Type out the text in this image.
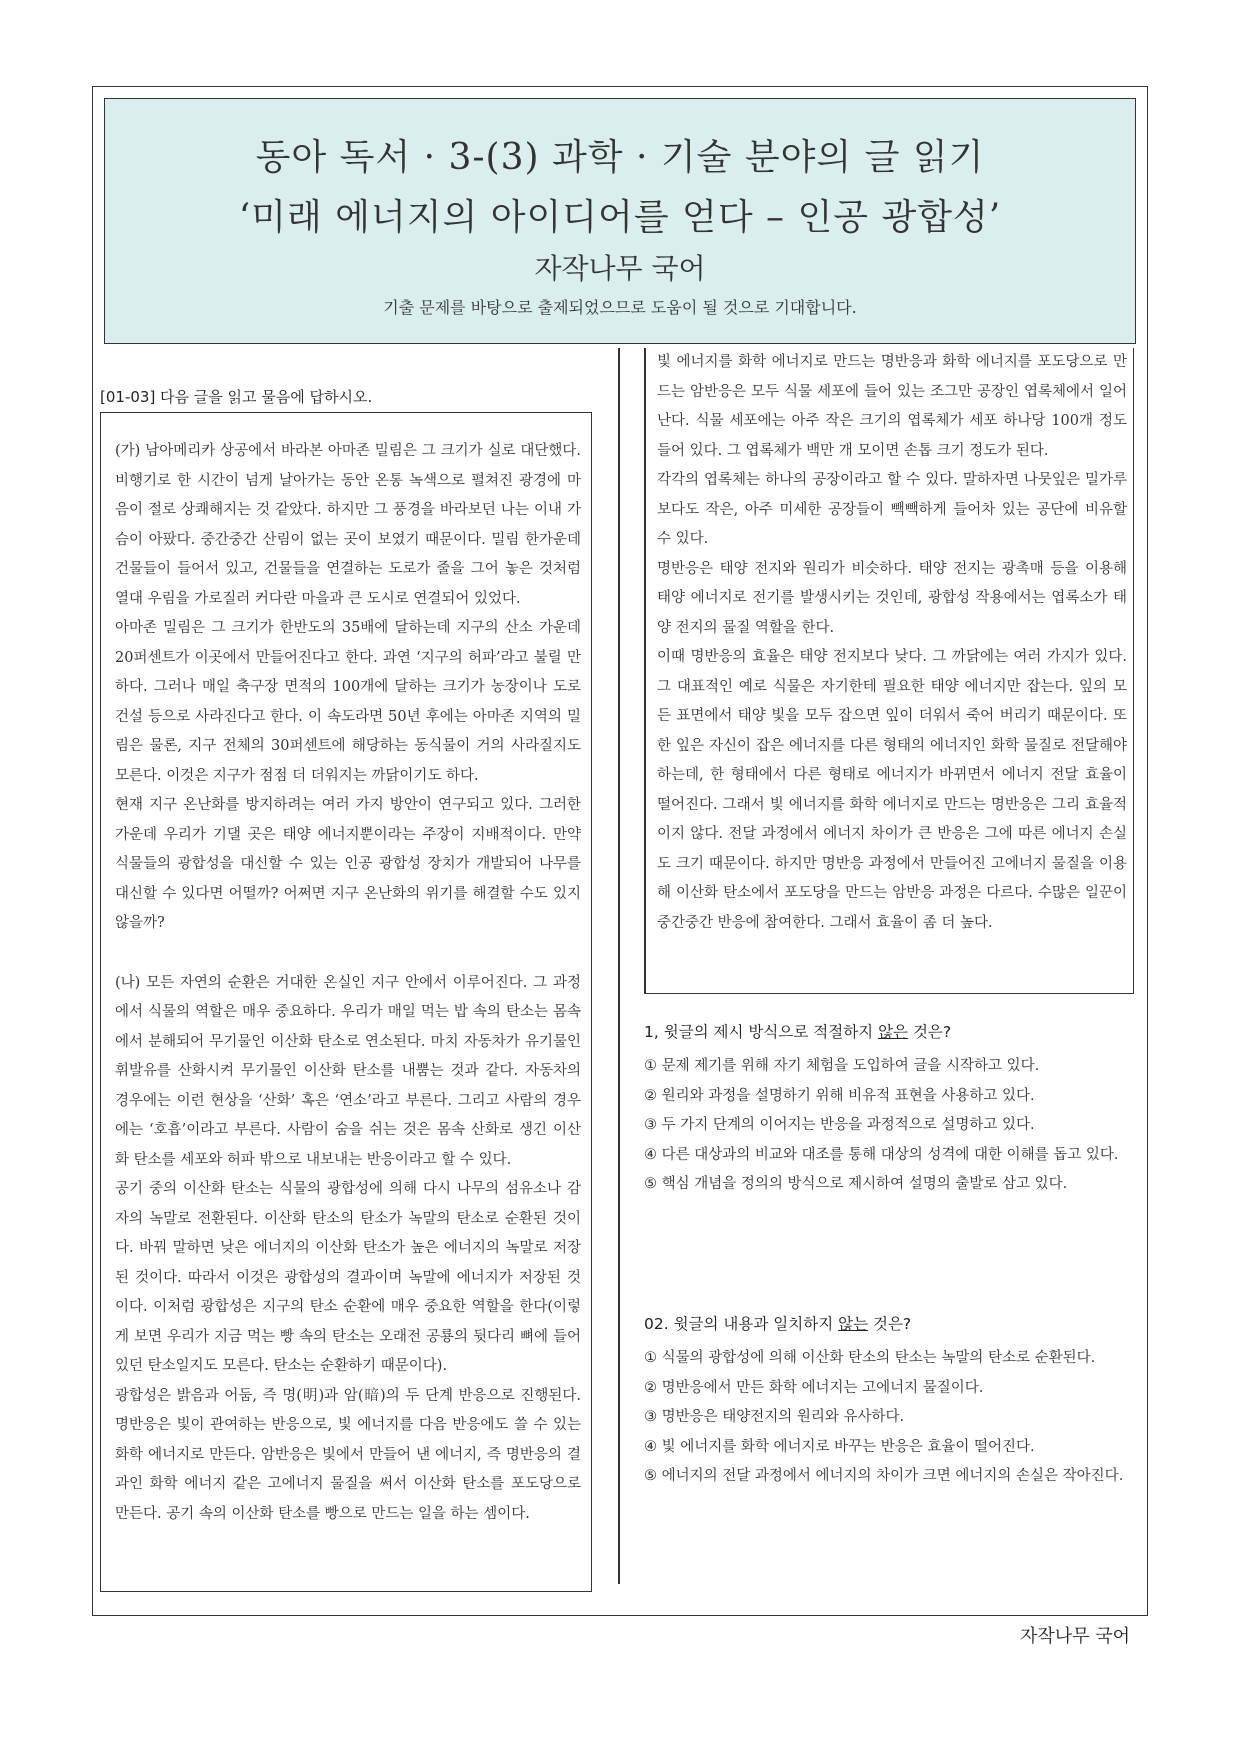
동아 독서 · 3-(3) 과학 · 기술 분야의 글 읽기
‘미래 에너지의 아이디어를 얻다 – 인공 광합성’
자작나무 국어
기출 문제를 바탕으로 출제되었으므로 도움이 될 것으로 기대합니다.
[01-03] 다음 글을 읽고 물음에 답하시오.

(가) 남아메리카 상공에서 바라본 아마존 밀림은 그 크기가 실로 대단했다. 비행기로 한 시간이 넘게 날아가는 동안 온통 녹색으로 펼쳐진 광경에 마음이 절로 상쾌해지는 것 같았다. 하지만 그 풍경을 바라보던 나는 이내 가슴이 아팠다. 중간중간 산림이 없는 곳이 보였기 때문이다. 밀림 한가운데 건물들이 들어서 있고, 건물들을 연결하는 도로가 줄을 그어 놓은 것처럼 열대 우림을 가로질러 커다란 마을과 큰 도시로 연결되어 있었다.

아마존 밀림은 그 크기가 한반도의 35배에 달하는데 지구의 산소 가운데 20퍼센트가 이곳에서 만들어진다고 한다. 과연 ‘지구의 허파’라고 불릴 만하다. 그러나 매일 축구장 면적의 100개에 달하는 크기가 농장이나 도로 건설 등으로 사라진다고 한다. 이 속도라면 50년 후에는 아마존 지역의 밀림은 물론, 지구 전체의 30퍼센트에 해당하는 동식물이 거의 사라질지도 모른다. 이것은 지구가 점점 더 더워지는 까닭이기도 하다.

현재 지구 온난화를 방지하려는 여러 가지 방안이 연구되고 있다. 그러한 가운데 우리가 기댈 곳은 태양 에너지뿐이라는 주장이 지배적이다. 만약 식물들의 광합성을 대신할 수 있는 인공 광합성 장치가 개발되어 나무를 대신할 수 있다면 어떨까? 어쩌면 지구 온난화의 위기를 해결할 수도 있지 않을까?

(나) 모든 자연의 순환은 거대한 온실인 지구 안에서 이루어진다. 그 과정에서 식물의 역할은 매우 중요하다. 우리가 매일 먹는 밥 속의 탄소는 몸속에서 분해되어 무기물인 이산화 탄소로 연소된다. 마치 자동차가 유기물인 휘발유를 산화시켜 무기물인 이산화 탄소를 내뿜는 것과 같다. 자동차의 경우에는 이런 현상을 ‘산화’ 혹은 ‘연소’라고 부른다. 그리고 사람의 경우에는 ‘호흡’이라고 부른다. 사람이 숨을 쉬는 것은 몸속 산화로 생긴 이산화 탄소를 세포와 허파 밖으로 내보내는 반응이라고 할 수 있다.

공기 중의 이산화 탄소는 식물의 광합성에 의해 다시 나무의 섬유소나 감자의 녹말로 전환된다. 이산화 탄소의 탄소가 녹말의 탄소로 순환된 것이다. 바꿔 말하면 낮은 에너지의 이산화 탄소가 높은 에너지의 녹말로 저장된 것이다. 따라서 이것은 광합성의 결과이며 녹말에 에너지가 저장된 것이다. 이처럼 광합성은 지구의 탄소 순환에 매우 중요한 역할을 한다(이렇게 보면 우리가 지금 먹는 빵 속의 탄소는 오래전 공룡의 뒷다리 뼈에 들어 있던 탄소일지도 모른다. 탄소는 순환하기 때문이다).

광합성은 밝음과 어둠, 즉 명(明)과 암(暗)의 두 단계 반응으로 진행된다. 명반응은 빛이 관여하는 반응으로, 빛 에너지를 다음 반응에도 쓸 수 있는 화학 에너지로 만든다. 암반응은 빛에서 만들어 낸 에너지, 즉 명반응의 결과인 화학 에너지 같은 고에너지 물질을 써서 이산화 탄소를 포도당으로 만든다. 공기 속의 이산화 탄소를 빵으로 만드는 일을 하는 셈이다.

빛 에너지를 화학 에너지로 만드는 명반응과 화학 에너지를 포도당으로 만드는 암반응은 모두 식물 세포에 들어 있는 조그만 공장인 엽록체에서 일어난다. 식물 세포에는 아주 작은 크기의 엽록체가 세포 하나당 100개 정도 들어 있다. 그 엽록체가 백만 개 모이면 손톱 크기 정도가 된다.

각각의 엽록체는 하나의 공장이라고 할 수 있다. 말하자면 나뭇잎은 밀가루보다도 작은, 아주 미세한 공장들이 빽빽하게 들어차 있는 공단에 비유할 수 있다.

명반응은 태양 전지와 원리가 비슷하다. 태양 전지는 광촉매 등을 이용해 태양 에너지로 전기를 발생시키는 것인데, 광합성 작용에서는 엽록소가 태양 전지의 물질 역할을 한다.

이때 명반응의 효율은 태양 전지보다 낮다. 그 까닭에는 여러 가지가 있다. 그 대표적인 예로 식물은 자기한테 필요한 태양 에너지만 잡는다. 잎의 모든 표면에서 태양 빛을 모두 잡으면 잎이 더워서 죽어 버리기 때문이다. 또한 잎은 자신이 잡은 에너지를 다른 형태의 에너지인 화학 물질로 전달해야 하는데, 한 형태에서 다른 형태로 에너지가 바뀌면서 에너지 전달 효율이 떨어진다. 그래서 빛 에너지를 화학 에너지로 만드는 명반응은 그리 효율적이지 않다. 전달 과정에서 에너지 차이가 큰 반응은 그에 따른 에너지 손실도 크기 때문이다. 하지만 명반응 과정에서 만들어진 고에너지 물질을 이용해 이산화 탄소에서 포도당을 만드는 암반응 과정은 다르다. 수많은 일꾼이 중간중간 반응에 참여한다. 그래서 효율이 좀 더 높다.

1, 윗글의 제시 방식으로 적절하지 않은 것은?
① 문제 제기를 위해 자기 체험을 도입하여 글을 시작하고 있다.
② 원리와 과정을 설명하기 위해 비유적 표현을 사용하고 있다.
③ 두 가지 단계의 이어지는 반응을 과정적으로 설명하고 있다.
④ 다른 대상과의 비교와 대조를 통해 대상의 성격에 대한 이해를 돕고 있다.
⑤ 핵심 개념을 정의의 방식으로 제시하여 설명의 출발로 삼고 있다.
02. 윗글의 내용과 일치하지 않는 것은?
① 식물의 광합성에 의해 이산화 탄소의 탄소는 녹말의 탄소로 순환된다.
② 명반응에서 만든 화학 에너지는 고에너지 물질이다.
③ 명반응은 태양전지의 원리와 유사하다.
④ 빛 에너지를 화학 에너지로 바꾸는 반응은 효율이 떨어진다.
⑤ 에너지의 전달 과정에서 에너지의 차이가 크면 에너지의 손실은 작아진다.
자작나무 국어
